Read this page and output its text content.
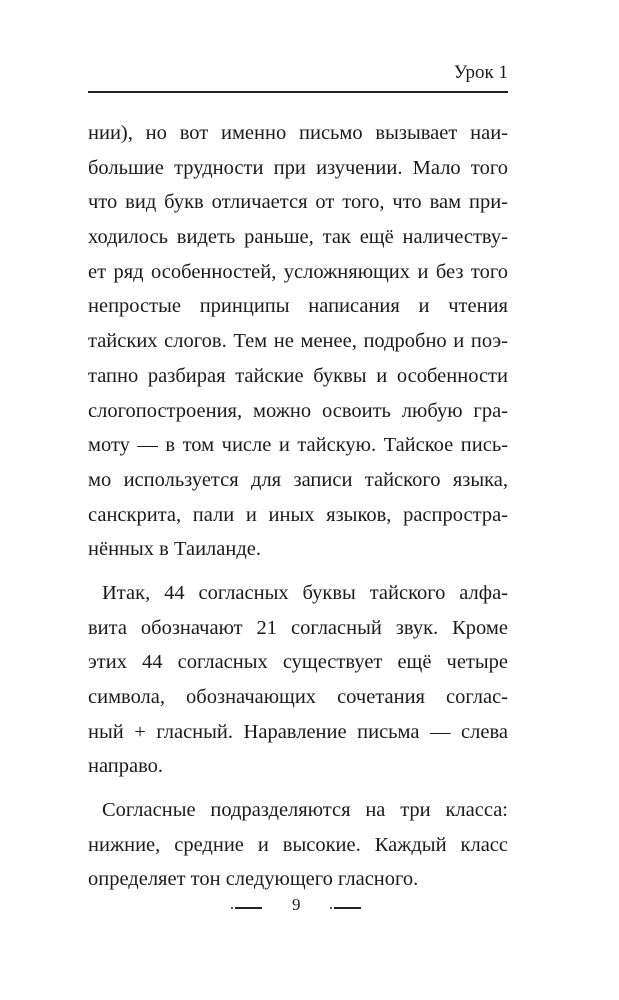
Урок 1
нии), но вот именно письмо вызывает наи-
большие трудности при изучении. Мало того
что вид букв отличается от того, что вам при-
ходилось видеть раньше, так ещё наличеству-
ет ряд особенностей, усложняющих и без того
непростые принципы написания и чтения
тайских слогов. Тем не менее, подробно и поэ-
тапно разбирая тайские буквы и особенности
слогопостроения, можно освоить любую гра-
моту — в том числе и тайскую. Тайское пись-
мо используется для записи тайского языка,
санскрита, пали и иных языков, распростра-
нённых в Таиланде.
Итак, 44 согласных буквы тайского алфа-
вита обозначают 21 согласный звук. Кроме
этих 44 согласных существует ещё четыре
символа, обозначающих сочетания соглас-
ный + гласный. Наравление письма — слева
направо.
Согласные подразделяются на три класса:
нижние, средние и высокие. Каждый класс
определяет тон следующего гласного.
9
